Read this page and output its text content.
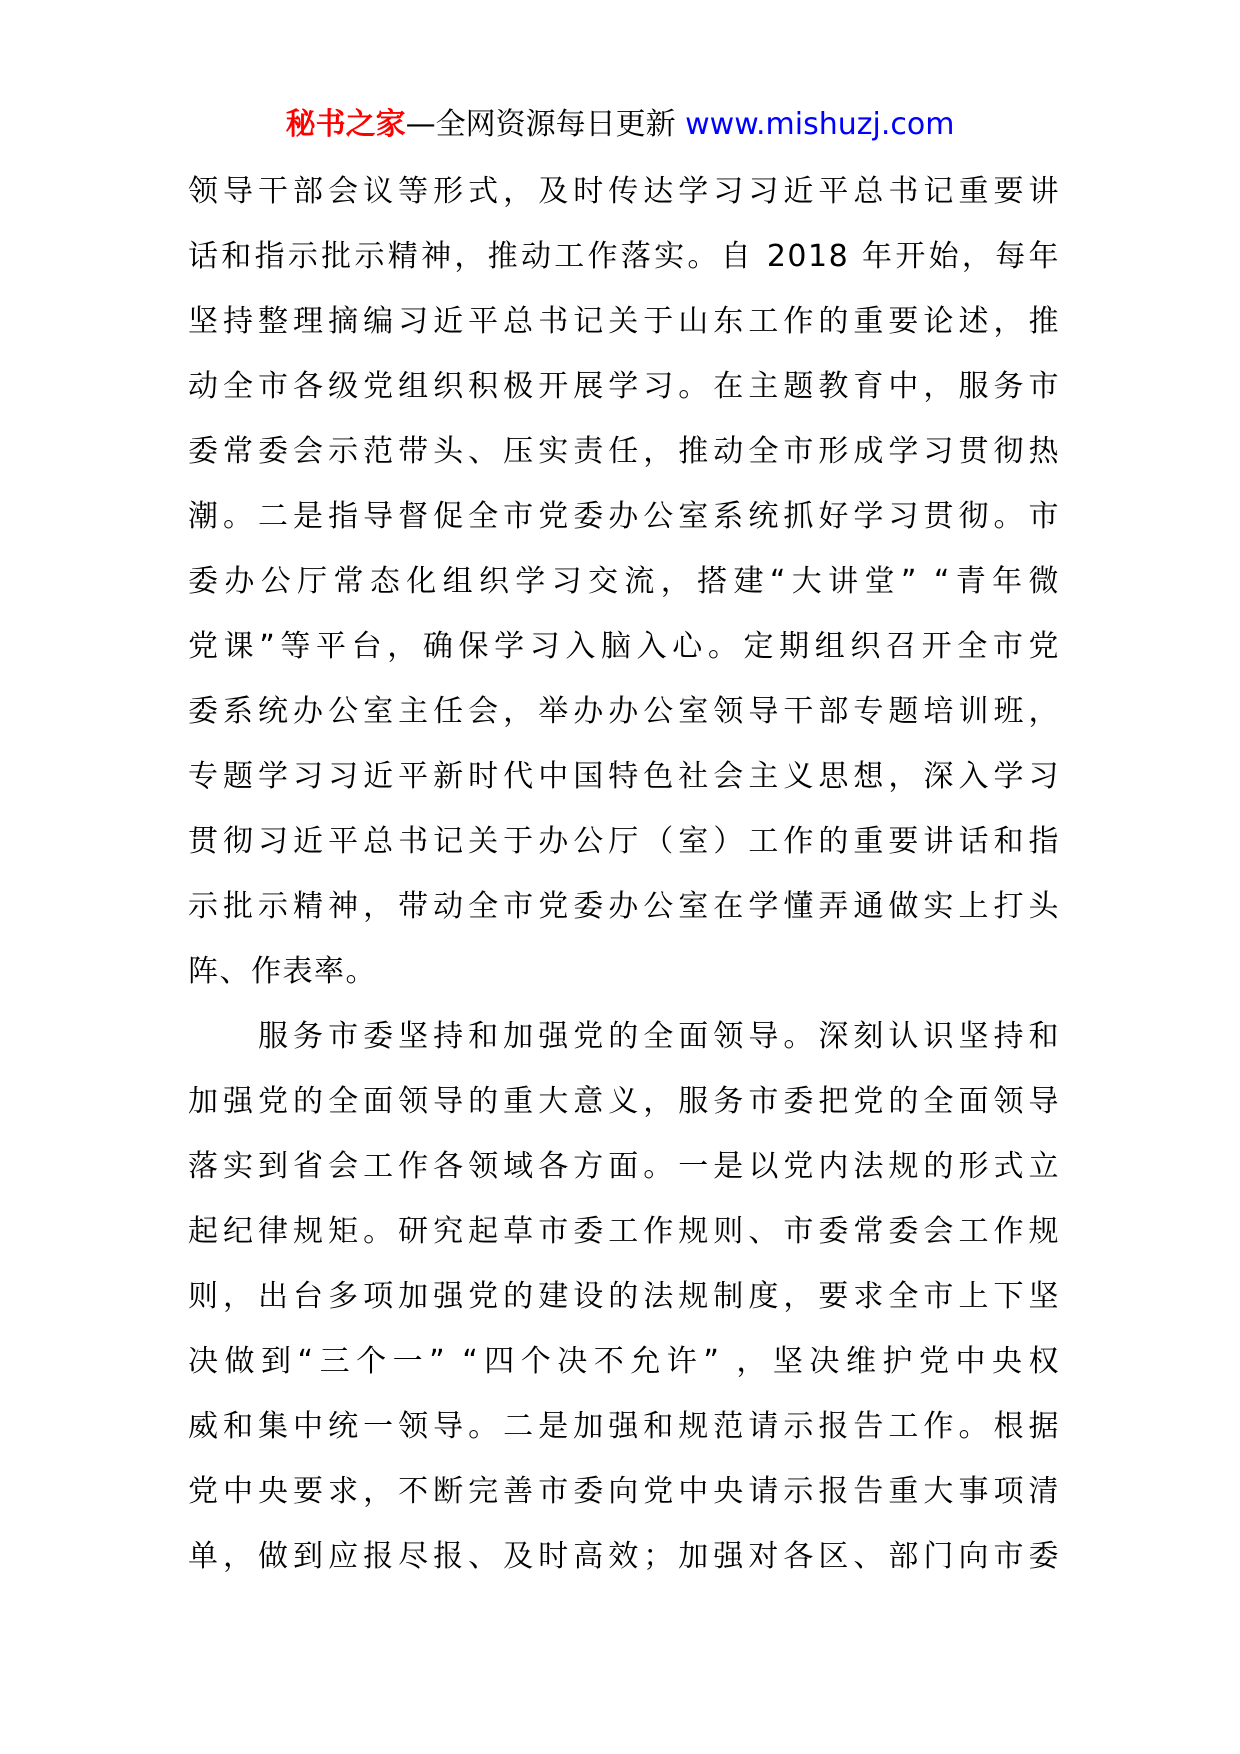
秘书之家—全网资源每日更新 www.mishuzj.com
领导干部会议等形式，及时传达学习习近平总书记重要讲
话和指示批示精神，推动工作落实。自 2018 年开始，每年
坚持整理摘编习近平总书记关于山东工作的重要论述，推
动全市各级党组织积极开展学习。在主题教育中，服务市
委常委会示范带头、压实责任，推动全市形成学习贯彻热
潮。二是指导督促全市党委办公室系统抓好学习贯彻。市
委办公厅常态化组织学习交流，搭建“大讲堂” “青年微
党课”等平台，确保学习入脑入心。定期组织召开全市党
委系统办公室主任会，举办办公室领导干部专题培训班，
专题学习习近平新时代中国特色社会主义思想，深入学习
贯彻习近平总书记关于办公厅（室）工作的重要讲话和指
示批示精神，带动全市党委办公室在学懂弄通做实上打头
阵、作表率。
　　服务市委坚持和加强党的全面领导。深刻认识坚持和
加强党的全面领导的重大意义，服务市委把党的全面领导
落实到省会工作各领域各方面。一是以党内法规的形式立
起纪律规矩。研究起草市委工作规则、市委常委会工作规
则，出台多项加强党的建设的法规制度，要求全市上下坚
决做到“三个一” “四个决不允许” ，坚决维护党中央权
威和集中统一领导。二是加强和规范请示报告工作。根据
党中央要求，不断完善市委向党中央请示报告重大事项清
单，做到应报尽报、及时高效；加强对各区、部门向市委
